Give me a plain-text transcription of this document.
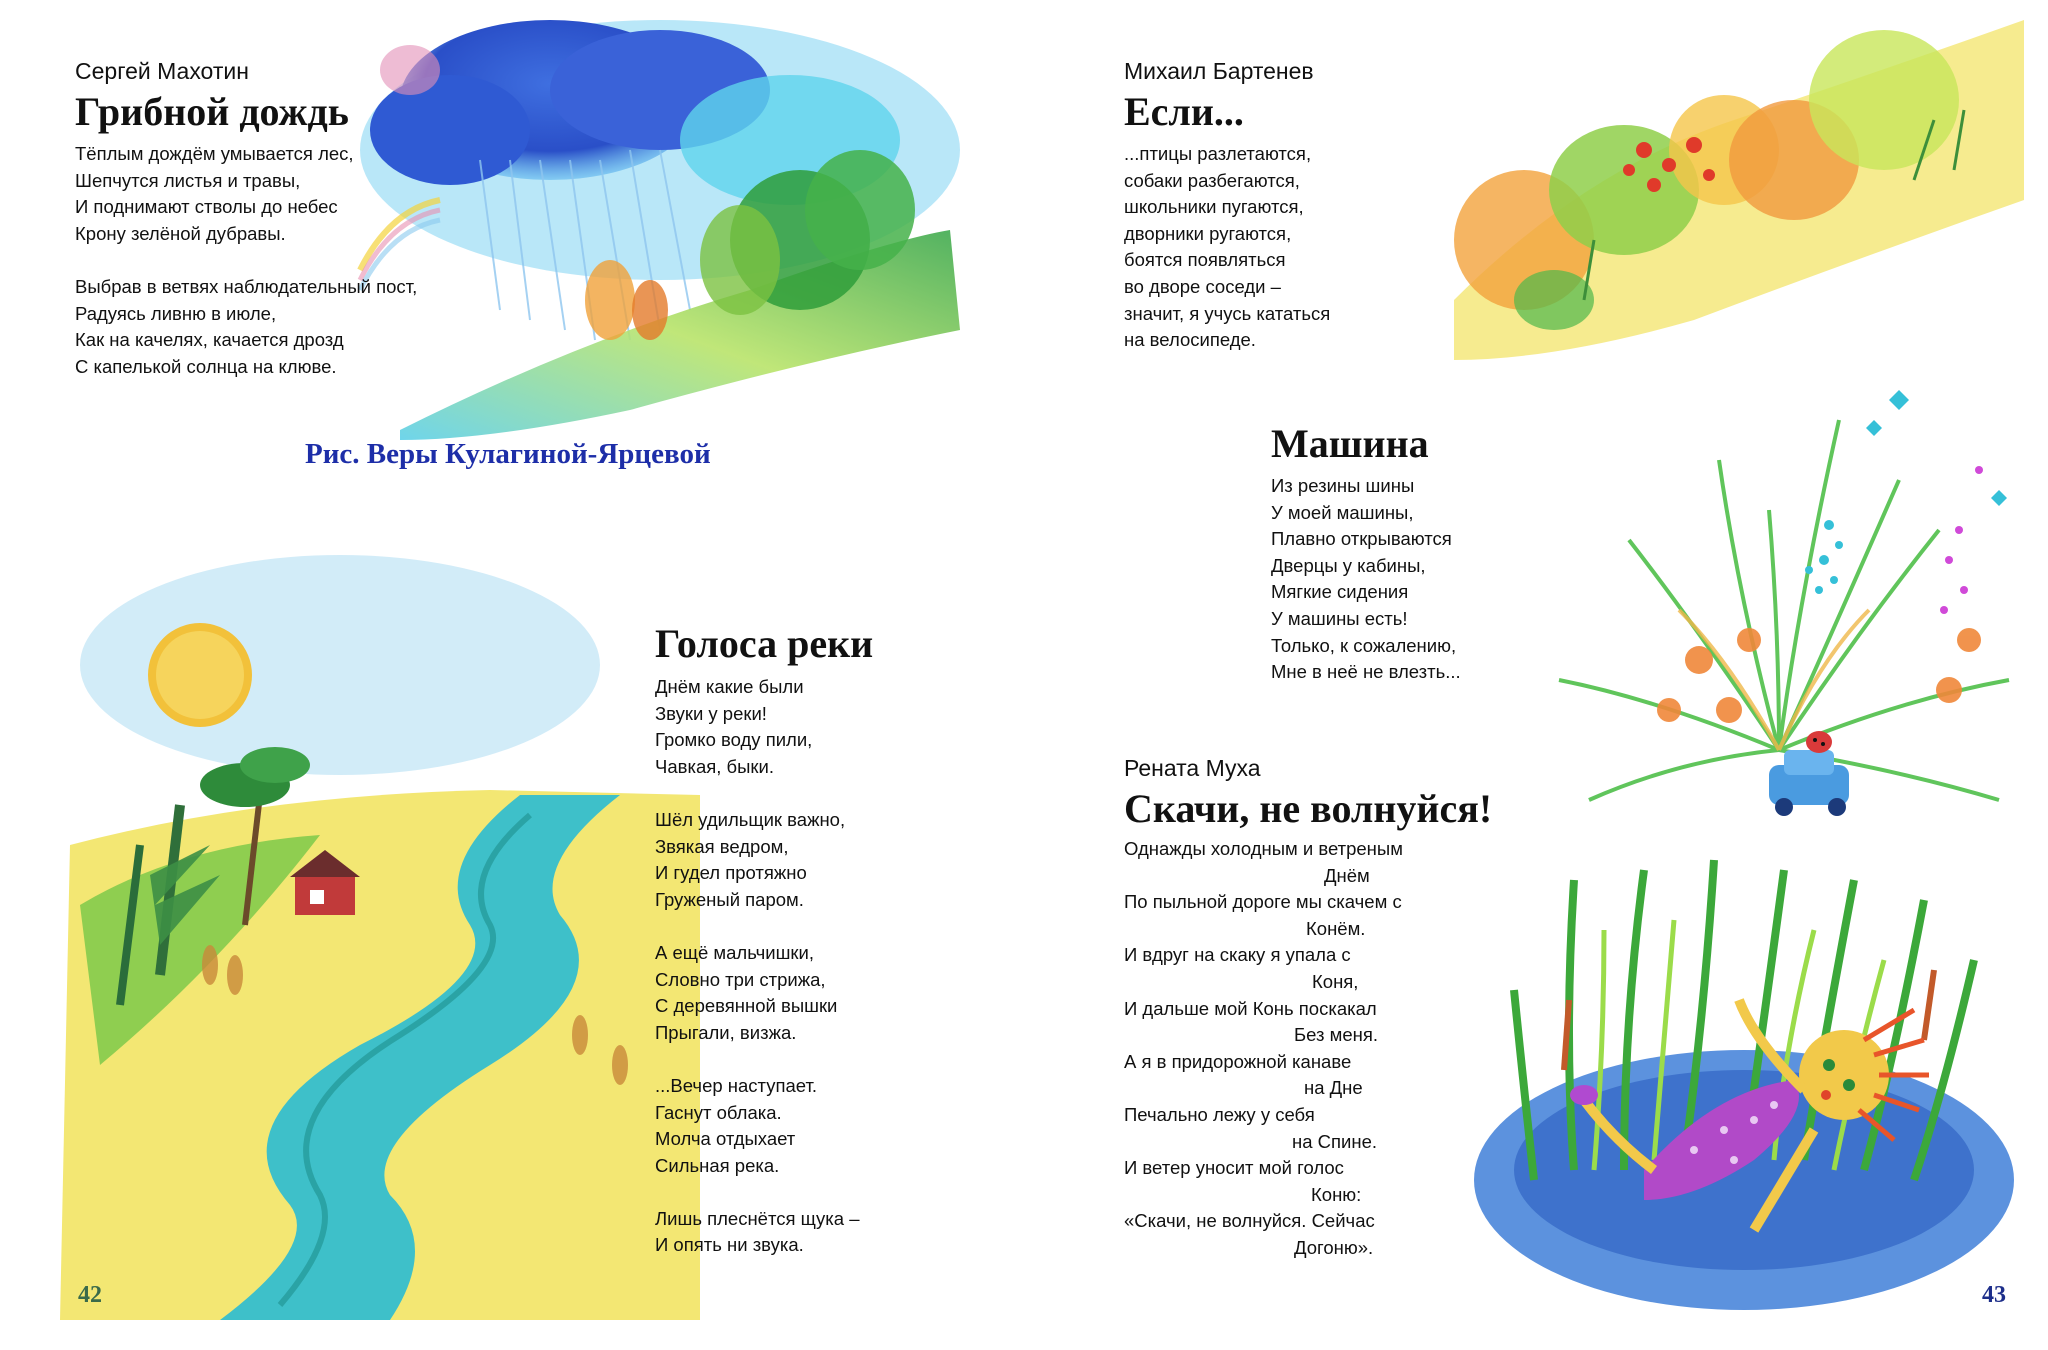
Сергей Махотин
Грибной дождь
Тёплым дождём умывается лес,
Шепчутся листья и травы,
И поднимают стволы до небес
Крону зелёной дубравы.
Выбрав в ветвях наблюдательный пост,
Радуясь ливню в июле,
Как на качелях, качается дрозд
С капелькой солнца на клюве.
Рис. Веры Кулагиной-Ярцевой
Голоса реки
Днём какие были
Звуки у реки!
Громко воду пили,
Чавкая, быки.
Шёл удильщик важно,
Звякая ведром,
И гудел протяжно
Груженый паром.
А ещё мальчишки,
Словно три стрижа,
С деревянной вышки
Прыгали, визжа.
...Вечер наступает.
Гаснут облака.
Молча отдыхает
Сильная река.
Лишь плеснётся щука –
И опять ни звука.
42
Михаил Бартенев
Если...
...птицы разлетаются,
собаки разбегаются,
школьники пугаются,
дворники ругаются,
боятся появляться
во дворе соседи –
значит, я учусь кататься
на велосипеде.
Машина
Из резины шины
У моей машины,
Плавно открываются
Дверцы у кабины,
Мягкие сидения
У машины есть!
Только, к сожалению,
Мне в неё не влезть...
Рената Муха
Скачи, не волнуйся!
Однажды холодным и ветреным
Днём
По пыльной дороге мы скачем с
Конём.
И вдруг на скаку я упала с
Коня,
И дальше мой Конь поскакал
Без меня.
А я в придорожной канаве
на Дне
Печально лежу у себя
на Спине.
И ветер уносит мой голос
Коню:
«Скачи, не волнуйся. Сейчас
Догоню».
43
